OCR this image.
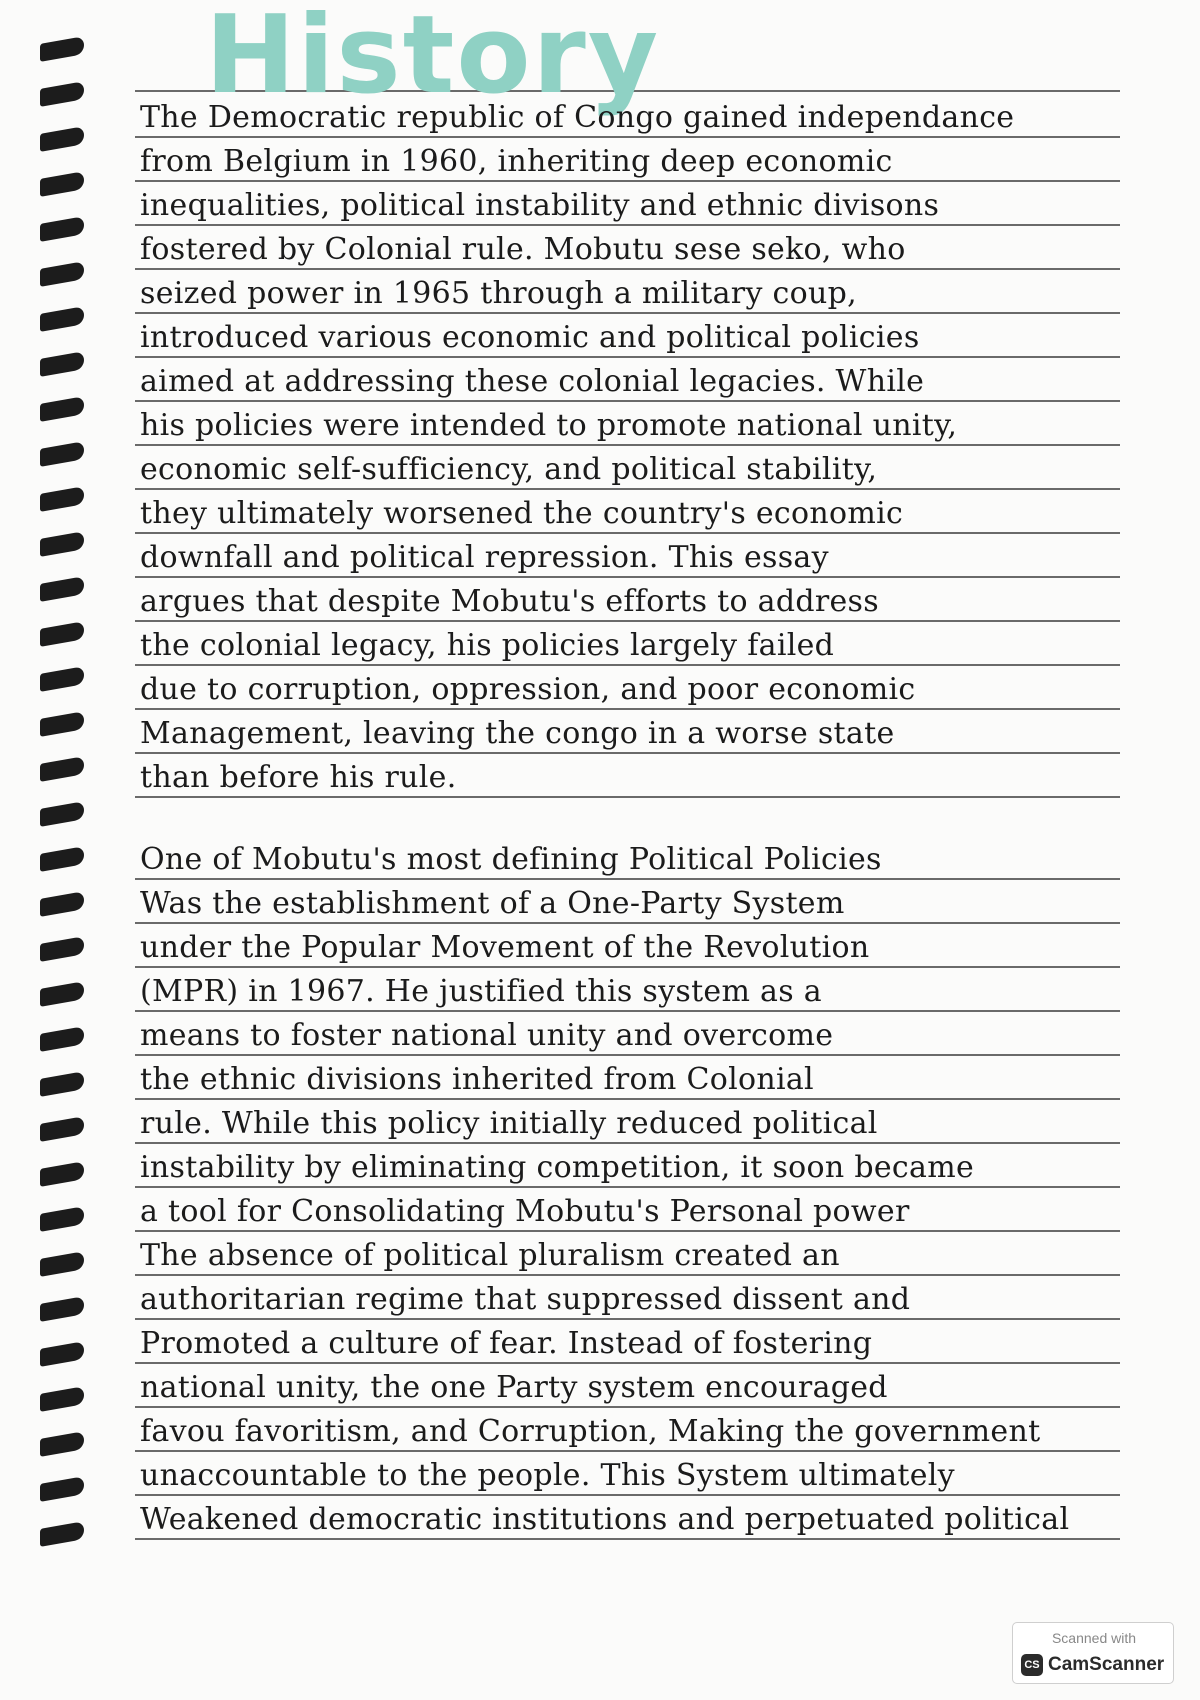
History

The Democratic republic of Congo gained independance
from Belgium in 1960, inheriting deep economic
inequalities, political instability and ethnic divisons
fostered by Colonial rule. Mobutu sese seko, who
seized power in 1965 through a military coup,
introduced various economic and political policies
aimed at addressing these colonial legacies. While
his policies were intended to promote national unity,
economic self-sufficiency, and political stability,
they ultimately worsened the country's economic
downfall and political repression. This essay
argues that despite Mobutu's efforts to address
the colonial legacy, his policies largely failed
due to corruption, oppression, and poor economic
Management, leaving the congo in a worse state
than before his rule.

One of Mobutu's most defining Political Policies
Was the establishment of a One-Party System
under the Popular Movement of the Revolution
(MPR) in 1967. He justified this system as a
means to foster national unity and overcome
the ethnic divisions inherited from Colonial
rule. While this policy initially reduced political
instability by eliminating competition, it soon became
a tool for Consolidating Mobutu's Personal power
The absence of political pluralism created an
authoritarian regime that suppressed dissent and
Promoted a culture of fear. Instead of fostering
national unity, the one Party system encouraged
favou favoritism, and Corruption, Making the government
unaccountable to the people. This System ultimately
Weakened democratic institutions and perpetuated political

Scanned with
CS CamScanner
